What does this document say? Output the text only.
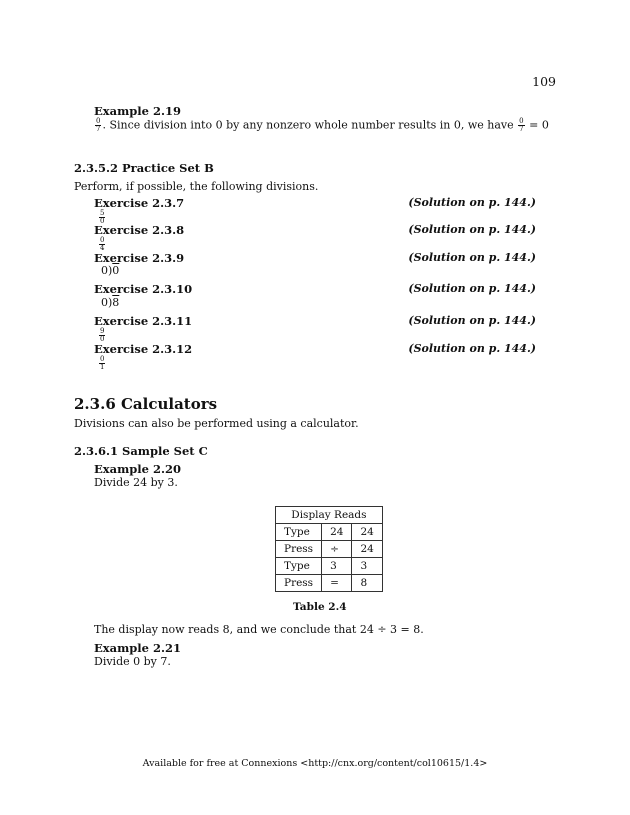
109
Example 2.19
$\frac{0}{7}$ . Since division into 0 by any nonzero whole number results in 0, we have $\frac{0}{7} = 0$
2.3.5.2 Practice Set B
Perform, if possible, the following divisions.
Exercise 2.3.7	(Solution on p. 144.)
$\frac{5}{0}$
Exercise 2.3.8	(Solution on p. 144.)
$\frac{0}{4}$
Exercise 2.3.9	(Solution on p. 144.)
0)0
Exercise 2.3.10	(Solution on p. 144.)
0)8
Exercise 2.3.11	(Solution on p. 144.)
$\frac{9}{0}$
Exercise 2.3.12	(Solution on p. 144.)
$\frac{0}{1}$
2.3.6 Calculators
Divisions can also be performed using a calculator.
2.3.6.1 Sample Set C
Example 2.20
Divide 24 by 3.
Display Reads		
Type	24	24
Press	÷	24
Type	3	3
Press	=	8
Table 2.4
The display now reads 8, and we conclude that 24 ÷ 3 = 8.
Example 2.21
Divide 0 by 7.
Available for free at Connexions <http://cnx.org/content/col10615/1.4>
